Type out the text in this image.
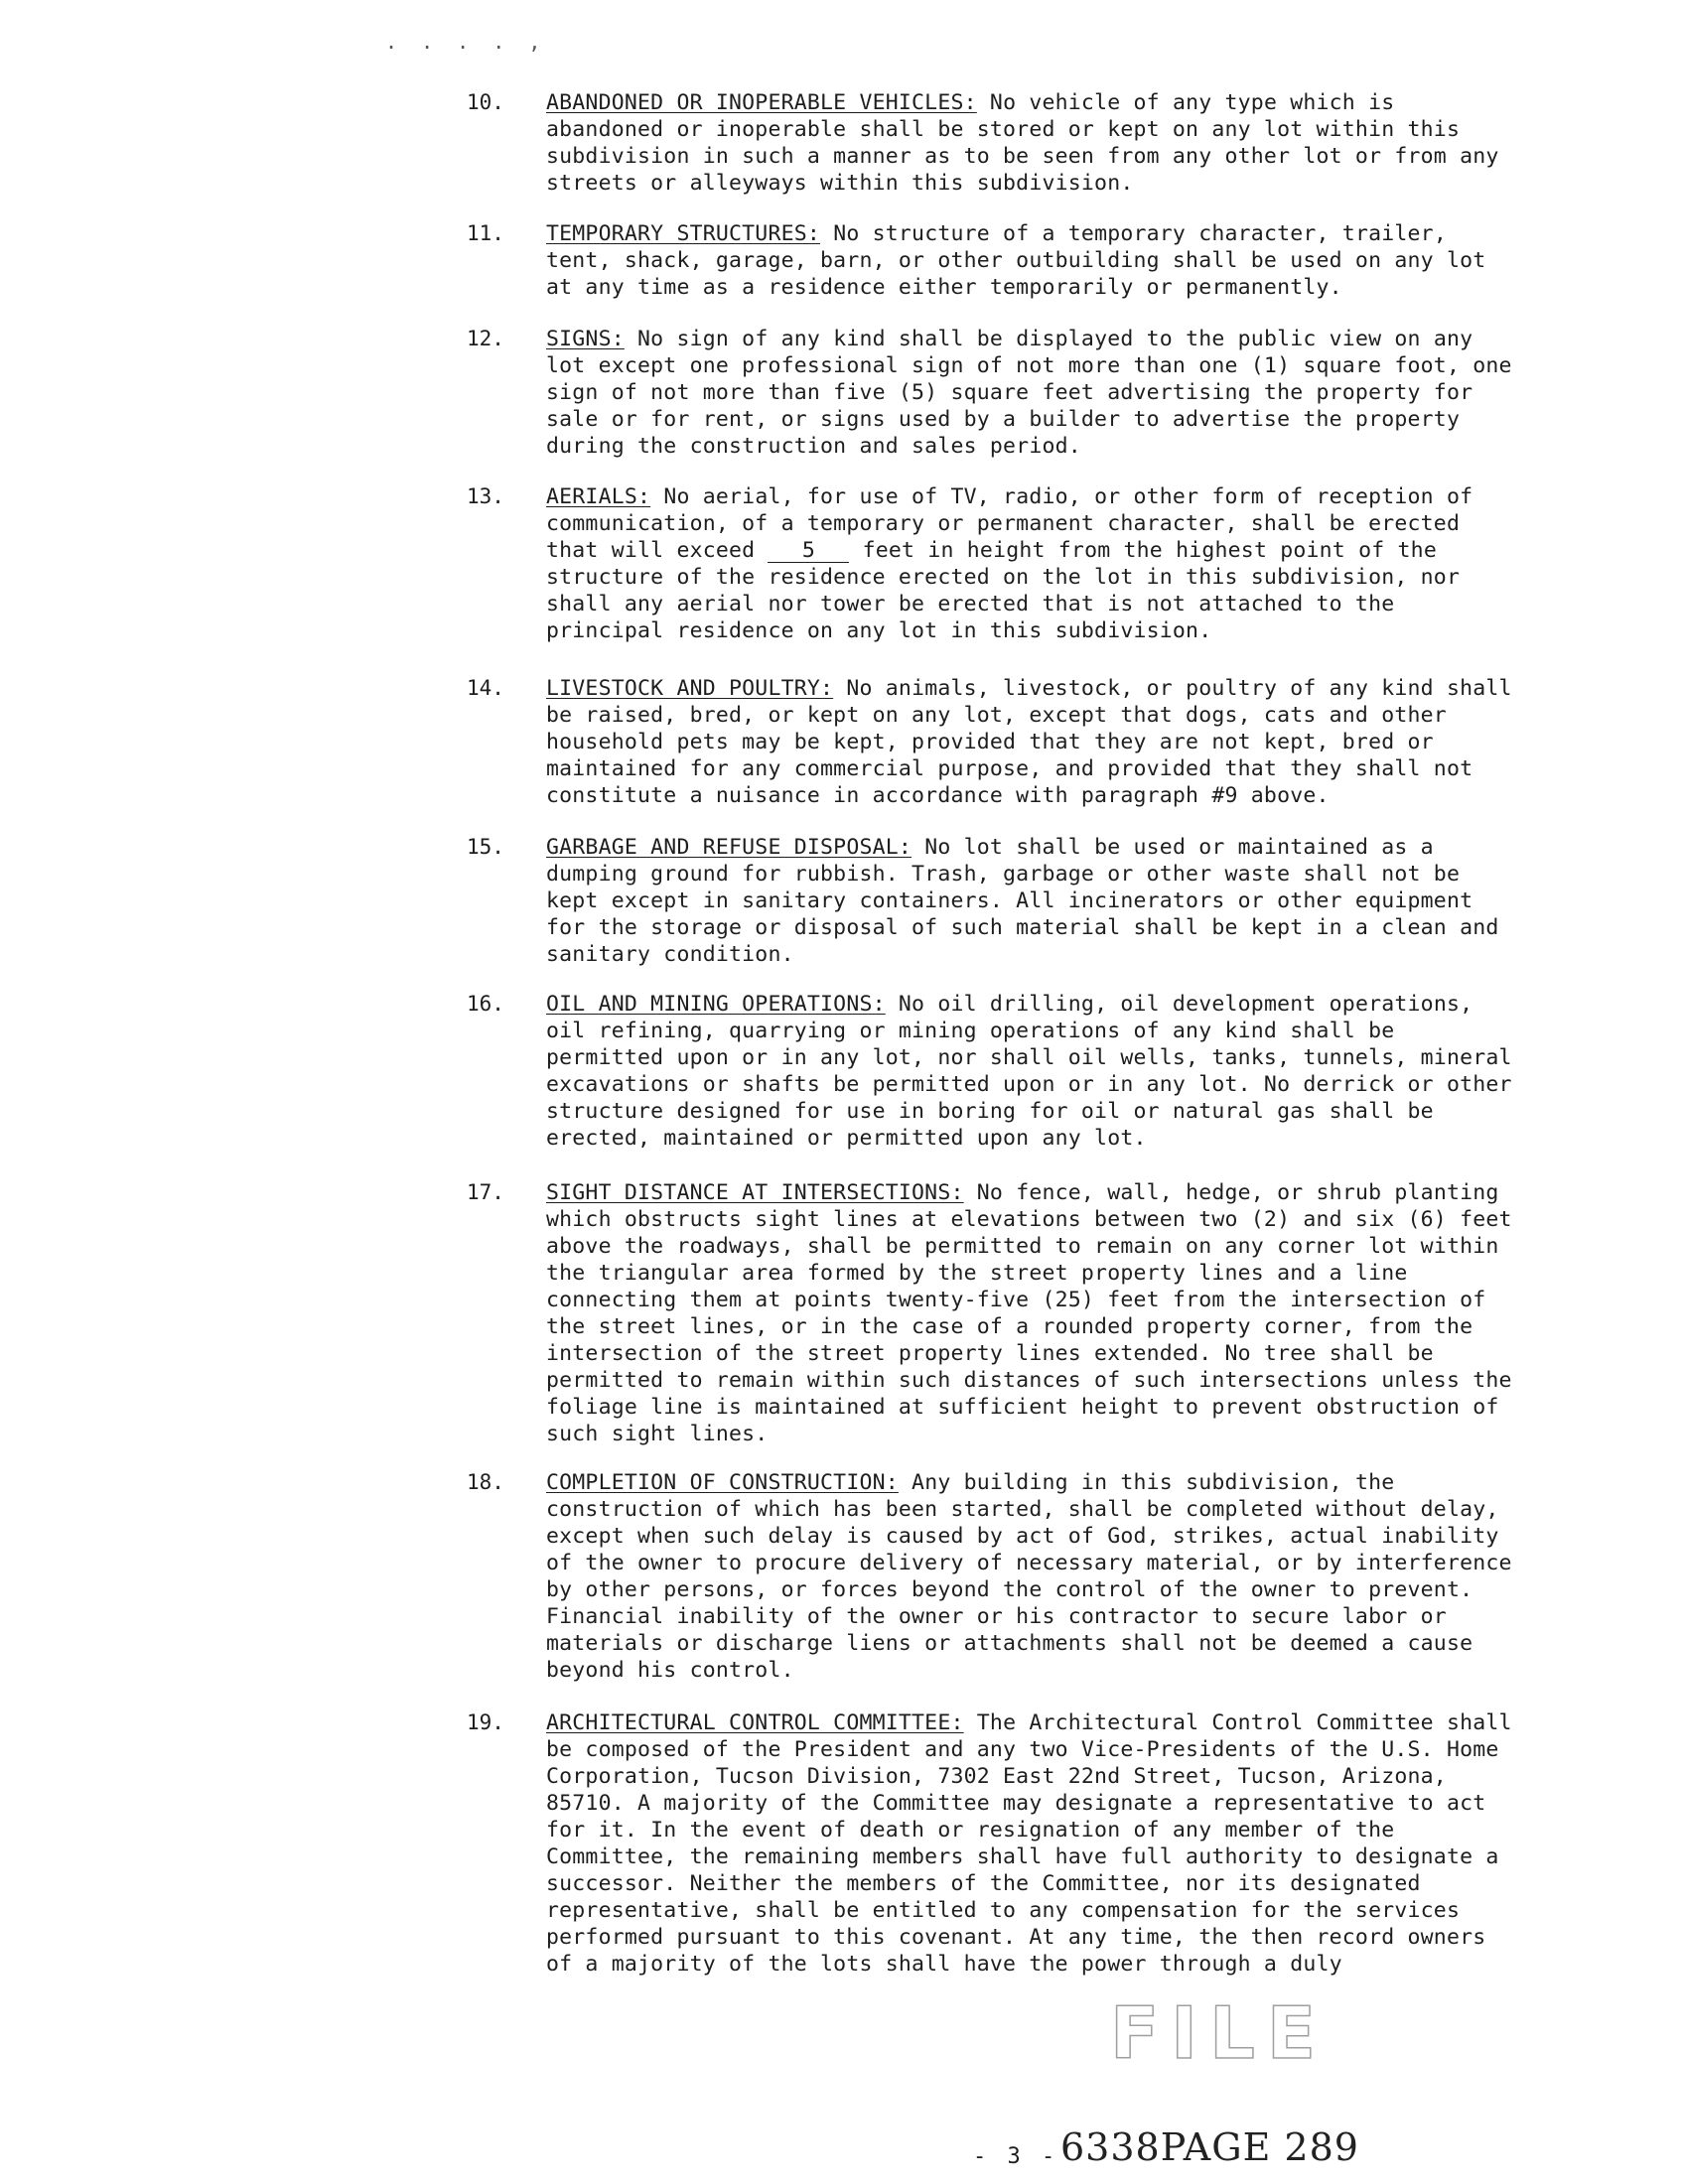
. . . . ,
10.	ABANDONED OR INOPERABLE VEHICLES: No vehicle of any type which is abandoned or inoperable shall be stored or kept on any lot within this subdivision in such a manner as to be seen from any other lot or from any streets or alleyways within this subdivision.
11.	TEMPORARY STRUCTURES: No structure of a temporary character, trailer, tent, shack, garage, barn, or other outbuilding shall be used on any lot at any time as a residence either temporarily or permanently.
12.	SIGNS: No sign of any kind shall be displayed to the public view on any lot except one professional sign of not more than one (1) square foot, one sign of not more than five (5) square feet advertising the property for sale or for rent, or signs used by a builder to advertise the property during the construction and sales period.
13.	AERIALS: No aerial, for use of TV, radio, or other form of reception of communication, of a temporary or permanent character, shall be erected that will exceed 5 feet in height from the highest point of the structure of the residence erected on the lot in this subdivision, nor shall any aerial nor tower be erected that is not attached to the principal residence on any lot in this subdivision.
14.	LIVESTOCK AND POULTRY: No animals, livestock, or poultry of any kind shall be raised, bred, or kept on any lot, except that dogs, cats and other household pets may be kept, provided that they are not kept, bred or maintained for any commercial purpose, and provided that they shall not constitute a nuisance in accordance with paragraph #9 above.
15.	GARBAGE AND REFUSE DISPOSAL: No lot shall be used or maintained as a dumping ground for rubbish. Trash, garbage or other waste shall not be kept except in sanitary containers. All incinerators or other equipment for the storage or disposal of such material shall be kept in a clean and sanitary condition.
16.	OIL AND MINING OPERATIONS: No oil drilling, oil development operations, oil refining, quarrying or mining operations of any kind shall be permitted upon or in any lot, nor shall oil wells, tanks, tunnels, mineral excavations or shafts be permitted upon or in any lot. No derrick or other structure designed for use in boring for oil or natural gas shall be erected, maintained or permitted upon any lot.
17.	SIGHT DISTANCE AT INTERSECTIONS: No fence, wall, hedge, or shrub planting which obstructs sight lines at elevations between two (2) and six (6) feet above the roadways, shall be permitted to remain on any corner lot within the triangular area formed by the street property lines and a line connecting them at points twenty-five (25) feet from the intersection of the street lines, or in the case of a rounded property corner, from the intersection of the street property lines extended. No tree shall be permitted to remain within such distances of such intersections unless the foliage line is maintained at sufficient height to prevent obstruction of such sight lines.
18.	COMPLETION OF CONSTRUCTION: Any building in this subdivision, the construction of which has been started, shall be completed without delay, except when such delay is caused by act of God, strikes, actual inability of the owner to procure delivery of necessary material, or by interference by other persons, or forces beyond the control of the owner to prevent. Financial inability of the owner or his contractor to secure labor or materials or discharge liens or attachments shall not be deemed a cause beyond his control.
19.	ARCHITECTURAL CONTROL COMMITTEE: The Architectural Control Committee shall be composed of the President and any two Vice-Presidents of the U.S. Home Corporation, Tucson Division, 7302 East 22nd Street, Tucson, Arizona, 85710. A majority of the Committee may designate a representative to act for it. In the event of death or resignation of any member of the Committee, the remaining members shall have full authority to designate a successor. Neither the members of the Committee, nor its designated representative, shall be entitled to any compensation for the services performed pursuant to this covenant. At any time, the then record owners of a majority of the lots shall have the power through a duly
FILE
- 3 - 6338PAGE 289
